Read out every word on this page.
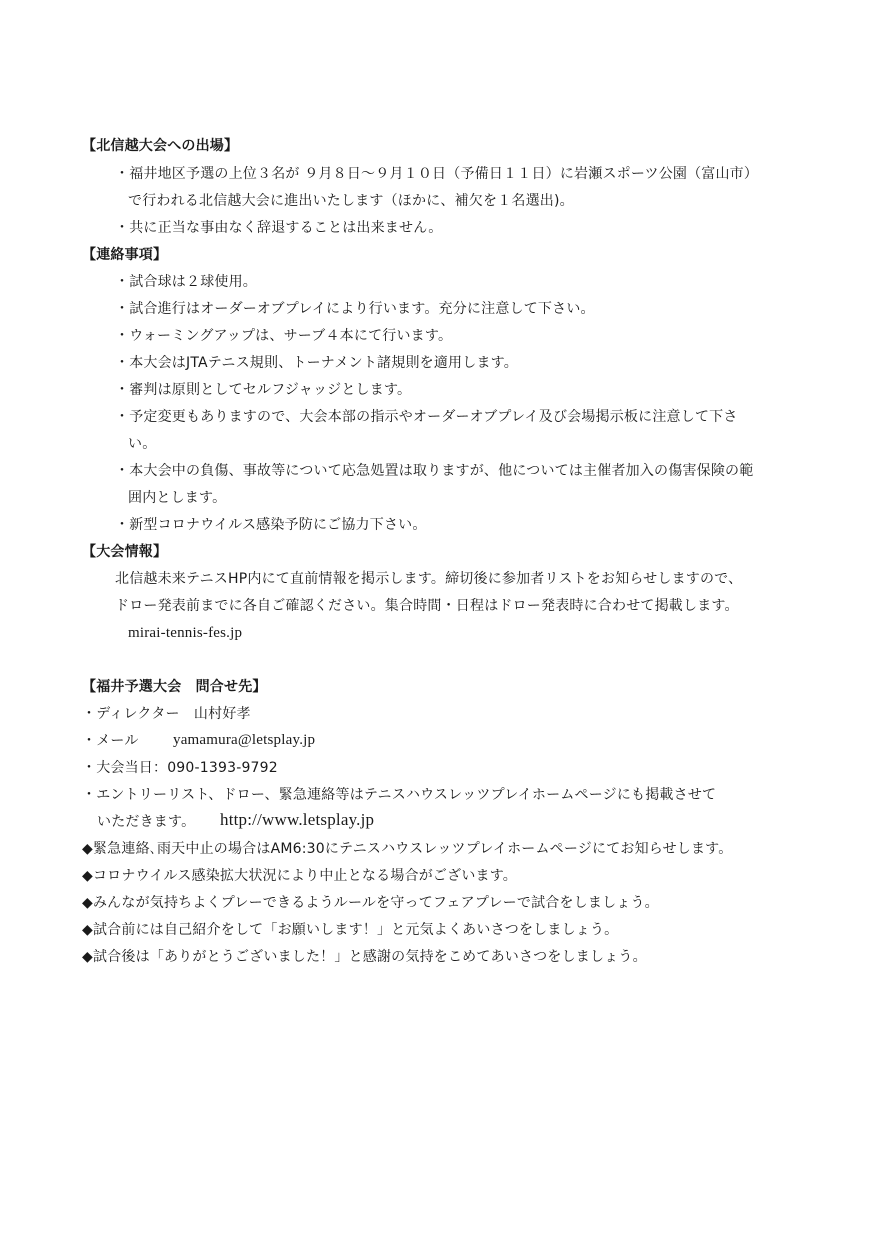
【北信越大会への出場】
・福井地区予選の上位３名が ９月８日〜９月１０日（予備日１１日）に岩瀬スポーツ公園（富山市）
で行われる北信越大会に進出いたします（ほかに、補欠を１名選出)。
・共に正当な事由なく辞退することは出来ません。
【連絡事項】
・試合球は２球使用。
・試合進行はオーダーオブプレイにより行います。充分に注意して下さい。
・ウォーミングアップは、サーブ４本にて行います。
・本大会はJTAテニス規則、トーナメント諸規則を適用します。
・審判は原則としてセルフジャッジとします。
・予定変更もありますので、大会本部の指示やオーダーオブプレイ及び会場掲示板に注意して下さ
い。
・本大会中の負傷、事故等について応急処置は取りますが、他については主催者加入の傷害保険の範
囲内とします。
・新型コロナウイルス感染予防にご協力下さい。
【大会情報】
北信越未来テニスHP内にて直前情報を掲示します。締切後に参加者リストをお知らせしますので、
ドロー発表前までに各自ご確認ください。集合時間・日程はドロー発表時に合わせて掲載します。
mirai-tennis-fes.jp
【福井予選大会　問合せ先】
・ディレクター　山村好孝
・メール yamamura@letsplay.jp
・大会当日：090-1393-9792
・エントリーリスト、ドロー、緊急連絡等はテニスハウスレッツプレイホームページにも掲載させて
いただきます。 http://www.letsplay.jp
◆緊急連絡､雨天中止の場合はAM6:30にテニスハウスレッツプレイホームページにてお知らせします。
◆コロナウイルス感染拡大状況により中止となる場合がございます。
◆みんなが気持ちよくプレーできるようルールを守ってフェアプレーで試合をしましょう。
◆試合前には自己紹介をして「お願いします！」と元気よくあいさつをしましょう。
◆試合後は「ありがとうございました！」と感謝の気持をこめてあいさつをしましょう。
